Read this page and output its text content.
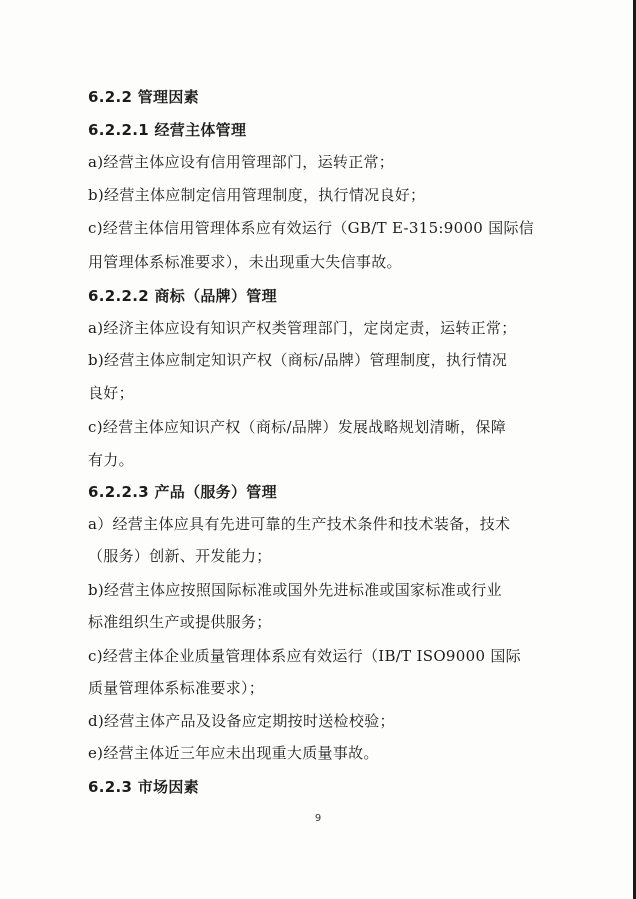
6.2.2 管理因素
6.2.2.1 经营主体管理
a)经营主体应设有信用管理部门，运转正常；
b)经营主体应制定信用管理制度，执行情况良好；
c)经营主体信用管理体系应有效运行（GB/T E-315:9000 国际信
用管理体系标准要求），未出现重大失信事故。
6.2.2.2 商标（品牌）管理
a)经济主体应设有知识产权类管理部门，定岗定责，运转正常；
b)经营主体应制定知识产权（商标/品牌）管理制度，执行情况
良好；
c)经营主体应知识产权（商标/品牌）发展战略规划清晰，保障
有力。
6.2.2.3 产品（服务）管理
a）经营主体应具有先进可靠的生产技术条件和技术装备，技术
（服务）创新、开发能力；
b)经营主体应按照国际标准或国外先进标准或国家标准或行业
标准组织生产或提供服务；
c)经营主体企业质量管理体系应有效运行（IB/T ISO9000 国际
质量管理体系标准要求）；
d)经营主体产品及设备应定期按时送检校验；
e)经营主体近三年应未出现重大质量事故。
6.2.3 市场因素
9
